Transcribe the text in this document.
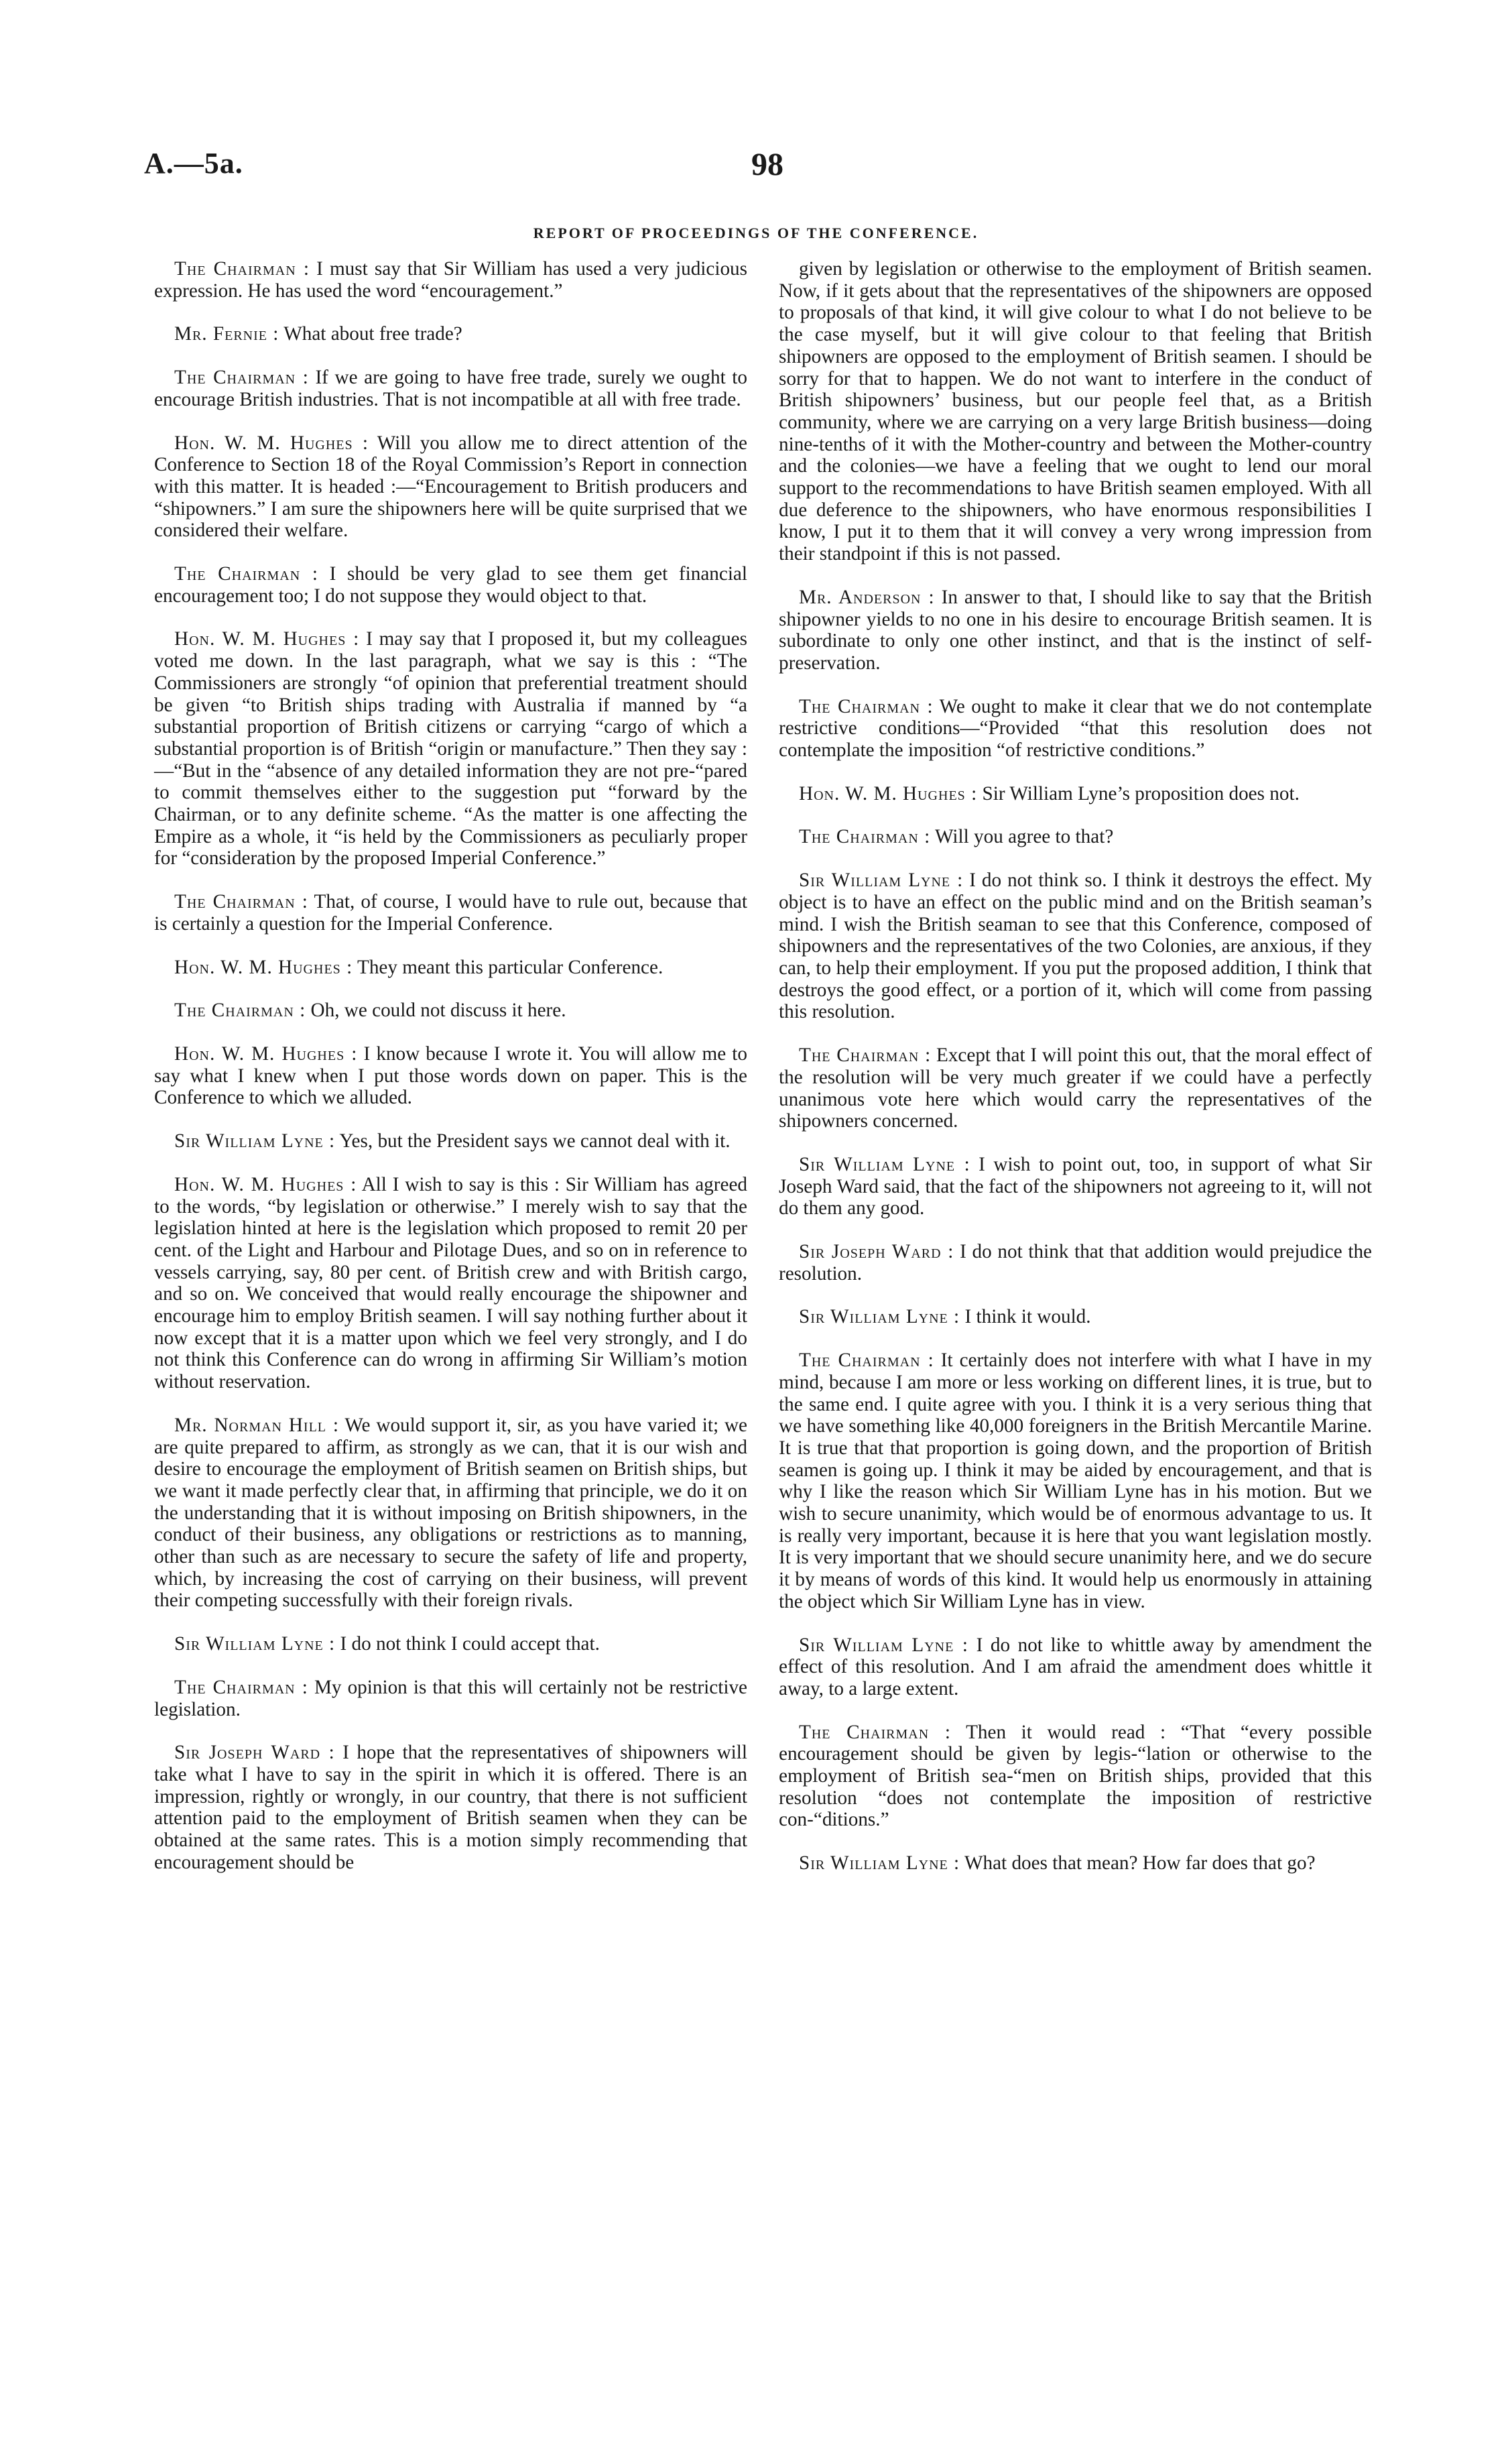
A.—5a.	98
REPORT OF PROCEEDINGS OF THE CONFERENCE.

The Chairman : I must say that Sir William has used a very judicious expression. He has used the word “encouragement.”

Mr. Fernie : What about free trade?

The Chairman : If we are going to have free trade, surely we ought to encourage British industries. That is not incompatible at all with free trade.

Hon. W. M. Hughes : Will you allow me to direct attention of the Conference to Section 18 of the Royal Commission’s Report in connection with this matter. It is headed :—“Encouragement to British producers and “shipowners.” I am sure the shipowners here will be quite surprised that we considered their welfare.

The Chairman : I should be very glad to see them get financial encouragement too; I do not suppose they would object to that.

Hon. W. M. Hughes : I may say that I proposed it, but my colleagues voted me down. In the last paragraph, what we say is this : “The Commissioners are strongly “of opinion that preferential treatment should be given “to British ships trading with Australia if manned by “a substantial proportion of British citizens or carrying “cargo of which a substantial proportion is of British “origin or manufacture.” Then they say :—“But in the “absence of any detailed information they are not pre-“pared to commit themselves either to the suggestion put “forward by the Chairman, or to any definite scheme. “As the matter is one affecting the Empire as a whole, it “is held by the Commissioners as peculiarly proper for “consideration by the proposed Imperial Conference.”

The Chairman : That, of course, I would have to rule out, because that is certainly a question for the Imperial Conference.

Hon. W. M. Hughes : They meant this particular Conference.

The Chairman : Oh, we could not discuss it here.

Hon. W. M. Hughes : I know because I wrote it. You will allow me to say what I knew when I put those words down on paper. This is the Conference to which we alluded.

Sir William Lyne : Yes, but the President says we cannot deal with it.

Hon. W. M. Hughes : All I wish to say is this : Sir William has agreed to the words, “by legislation or otherwise.” I merely wish to say that the legislation hinted at here is the legislation which proposed to remit 20 per cent. of the Light and Harbour and Pilotage Dues, and so on in reference to vessels carrying, say, 80 per cent. of British crew and with British cargo, and so on. We conceived that would really encourage the shipowner and encourage him to employ British seamen. I will say nothing further about it now except that it is a matter upon which we feel very strongly, and I do not think this Conference can do wrong in affirming Sir William’s motion without reservation.

Mr. Norman Hill : We would support it, sir, as you have varied it; we are quite prepared to affirm, as strongly as we can, that it is our wish and desire to encourage the employment of British seamen on British ships, but we want it made perfectly clear that, in affirming that principle, we do it on the understanding that it is without imposing on British shipowners, in the conduct of their business, any obligations or restrictions as to manning, other than such as are necessary to secure the safety of life and property, which, by increasing the cost of carrying on their business, will prevent their competing successfully with their foreign rivals.

Sir William Lyne : I do not think I could accept that.

The Chairman : My opinion is that this will certainly not be restrictive legislation.

Sir Joseph Ward : I hope that the representatives of shipowners will take what I have to say in the spirit in which it is offered. There is an impression, rightly or wrongly, in our country, that there is not sufficient attention paid to the employment of British seamen when they can be obtained at the same rates. This is a motion simply recommending that encouragement should be

given by legislation or otherwise to the employment of British seamen. Now, if it gets about that the representatives of the shipowners are opposed to proposals of that kind, it will give colour to what I do not believe to be the case myself, but it will give colour to that feeling that British shipowners are opposed to the employment of British seamen. I should be sorry for that to happen. We do not want to interfere in the conduct of British shipowners’ business, but our people feel that, as a British community, where we are carrying on a very large British business—doing nine-tenths of it with the Mother-country and between the Mother-country and the colonies—we have a feeling that we ought to lend our moral support to the recommendations to have British seamen employed. With all due deference to the shipowners, who have enormous responsibilities I know, I put it to them that it will convey a very wrong impression from their standpoint if this is not passed.

Mr. Anderson : In answer to that, I should like to say that the British shipowner yields to no one in his desire to encourage British seamen. It is subordinate to only one other instinct, and that is the instinct of self-preservation.

The Chairman : We ought to make it clear that we do not contemplate restrictive conditions—“Provided “that this resolution does not contemplate the imposition “of restrictive conditions.”

Hon. W. M. Hughes : Sir William Lyne’s proposition does not.

The Chairman : Will you agree to that?

Sir William Lyne : I do not think so. I think it destroys the effect. My object is to have an effect on the public mind and on the British seaman’s mind. I wish the British seaman to see that this Conference, composed of shipowners and the representatives of the two Colonies, are anxious, if they can, to help their employment. If you put the proposed addition, I think that destroys the good effect, or a portion of it, which will come from passing this resolution.

The Chairman : Except that I will point this out, that the moral effect of the resolution will be very much greater if we could have a perfectly unanimous vote here which would carry the representatives of the shipowners concerned.

Sir William Lyne : I wish to point out, too, in support of what Sir Joseph Ward said, that the fact of the shipowners not agreeing to it, will not do them any good.

Sir Joseph Ward : I do not think that that addition would prejudice the resolution.

Sir William Lyne : I think it would.

The Chairman : It certainly does not interfere with what I have in my mind, because I am more or less working on different lines, it is true, but to the same end. I quite agree with you. I think it is a very serious thing that we have something like 40,000 foreigners in the British Mercantile Marine. It is true that that proportion is going down, and the proportion of British seamen is going up. I think it may be aided by encouragement, and that is why I like the reason which Sir William Lyne has in his motion. But we wish to secure unanimity, which would be of enormous advantage to us. It is really very important, because it is here that you want legislation mostly. It is very important that we should secure unanimity here, and we do secure it by means of words of this kind. It would help us enormously in attaining the object which Sir William Lyne has in view.

Sir William Lyne : I do not like to whittle away by amendment the effect of this resolution. And I am afraid the amendment does whittle it away, to a large extent.

The Chairman : Then it would read : “That “every possible encouragement should be given by legis-“lation or otherwise to the employment of British sea-“men on British ships, provided that this resolution “does not contemplate the imposition of restrictive con-“ditions.”

Sir William Lyne : What does that mean? How far does that go?
